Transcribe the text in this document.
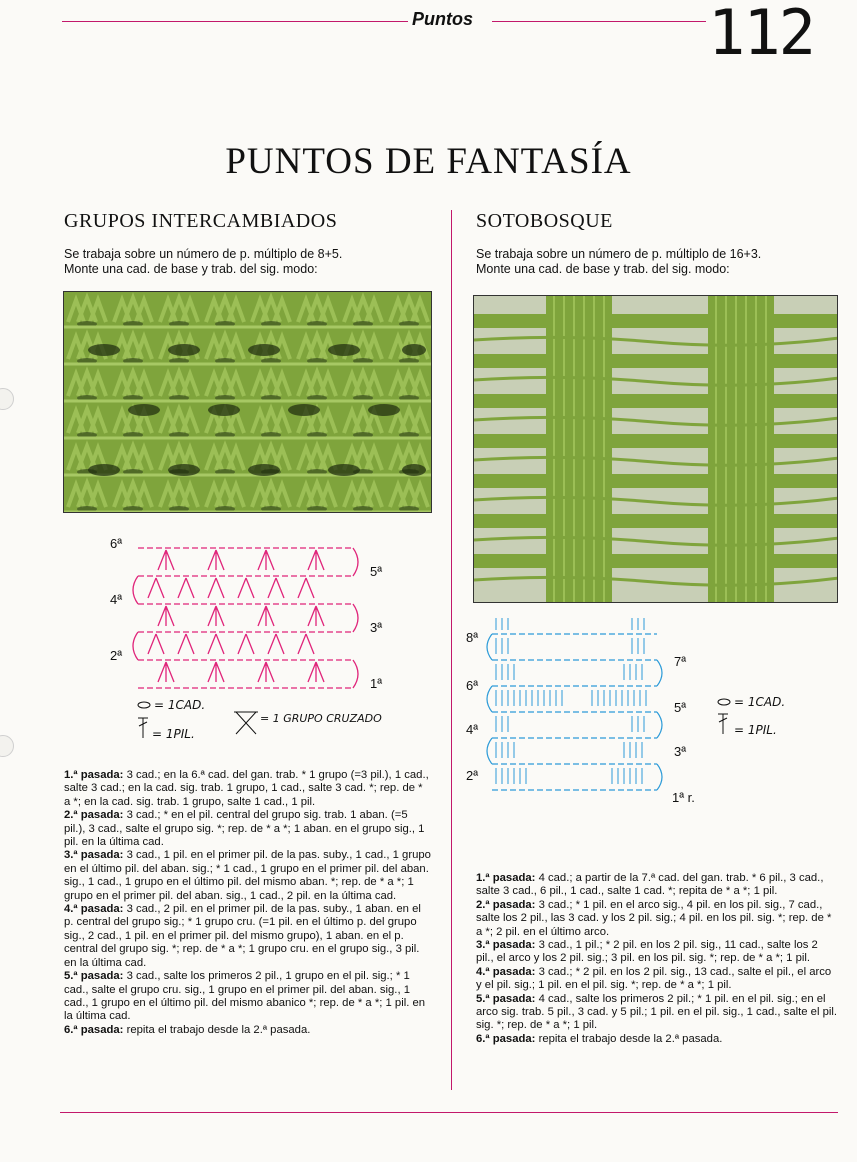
Puntos	112
PUNTOS DE FANTASÍA
GRUPOS INTERCAMBIADOS
Se trabaja sobre un número de p. múltiplo de 8+5.
Monte una cad. de base y trab. del sig. modo:
6ª
4ª
2ª
5ª
3ª
1ª
= 1CAD.
= 1PIL.
= 1 GRUPO CRUZADO

1.ª pasada: 3 cad.; en la 6.ª cad. del gan. trab. * 1 grupo (=3 pil.), 1 cad., salte 3 cad.; en la cad. sig. trab. 1 grupo, 1 cad., salte 3 cad. *; rep. de * a *; en la cad. sig. trab. 1 grupo, salte 1 cad., 1 pil.

2.ª pasada: 3 cad.; * en el pil. central del grupo sig. trab. 1 aban. (=5 pil.), 3 cad., salte el grupo sig. *; rep. de * a *; 1 aban. en el grupo sig., 1 pil. en la última cad.

3.ª pasada: 3 cad., 1 pil. en el primer pil. de la pas. suby., 1 cad., 1 grupo en el último pil. del aban. sig.; * 1 cad., 1 grupo en el primer pil. del aban. sig., 1 cad., 1 grupo en el último pil. del mismo aban. *; rep. de * a *; 1 grupo en el primer pil. del aban. sig., 1 cad., 2 pil. en la última cad.

4.ª pasada: 3 cad., 2 pil. en el primer pil. de la pas. suby., 1 aban. en el p. central del grupo sig.; * 1 grupo cru. (=1 pil. en el último p. del grupo sig., 2 cad., 1 pil. en el primer pil. del mismo grupo), 1 aban. en el p. central del grupo sig. *; rep. de * a *; 1 grupo cru. en el grupo sig., 3 pil. en la última cad.

5.ª pasada: 3 cad., salte los primeros 2 pil., 1 grupo en el pil. sig.; * 1 cad., salte el grupo cru. sig., 1 grupo en el primer pil. del aban. sig., 1 cad., 1 grupo en el último pil. del mismo abanico *; rep. de * a *; 1 pil. en la última cad.

6.ª pasada: repita el trabajo desde la 2.ª pasada.

SOTOBOSQUE
Se trabaja sobre un número de p. múltiplo de 16+3.
Monte una cad. de base y trab. del sig. modo:
8ª
6ª
4ª
2ª
7ª
5ª
3ª
1ª r.
= 1CAD.
= 1PIL.

1.ª pasada: 4 cad.; a partir de la 7.ª cad. del gan. trab. * 6 pil., 3 cad., salte 3 cad., 6 pil., 1 cad., salte 1 cad. *; repita de * a *; 1 pil.

2.ª pasada: 3 cad.; * 1 pil. en el arco sig., 4 pil. en los pil. sig., 7 cad., salte los 2 pil., las 3 cad. y los 2 pil. sig.; 4 pil. en los pil. sig. *; rep. de * a *; 2 pil. en el último arco.

3.ª pasada: 3 cad., 1 pil.; * 2 pil. en los 2 pil. sig., 11 cad., salte los 2 pil., el arco y los 2 pil. sig.; 3 pil. en los pil. sig. *; rep. de * a *; 1 pil.

4.ª pasada: 3 cad.; * 2 pil. en los 2 pil. sig., 13 cad., salte el pil., el arco y el pil. sig.; 1 pil. en el pil. sig. *; rep. de * a *; 1 pil.

5.ª pasada: 4 cad., salte los primeros 2 pil.; * 1 pil. en el pil. sig.; en el arco sig. trab. 5 pil., 3 cad. y 5 pil.; 1 pil. en el pil. sig., 1 cad., salte el pil. sig. *; rep. de * a *; 1 pil.

6.ª pasada: repita el trabajo desde la 2.ª pasada.
